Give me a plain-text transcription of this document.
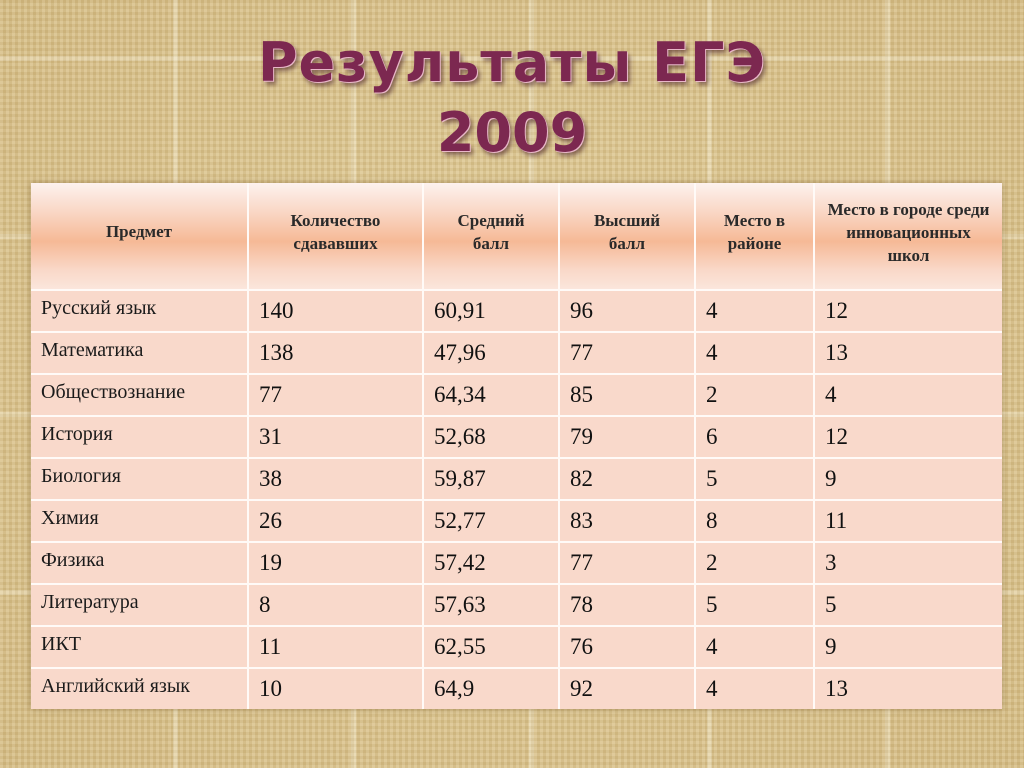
Результаты ЕГЭ
2009
Предмет	Количество сдававших	Средний балл	Высший балл	Место в районе	Место в городе среди инновационных школ

Русский язык	140	60,91	96	4	12
Математика	138	47,96	77	4	13
Обществознание	77	64,34	85	2	4
История	31	52,68	79	6	12
Биология	38	59,87	82	5	9
Химия	26	52,77	83	8	11
Физика	19	57,42	77	2	3
Литература	8	57,63	78	5	5
ИКТ	11	62,55	76	4	9
Английский язык	10	64,9	92	4	13
